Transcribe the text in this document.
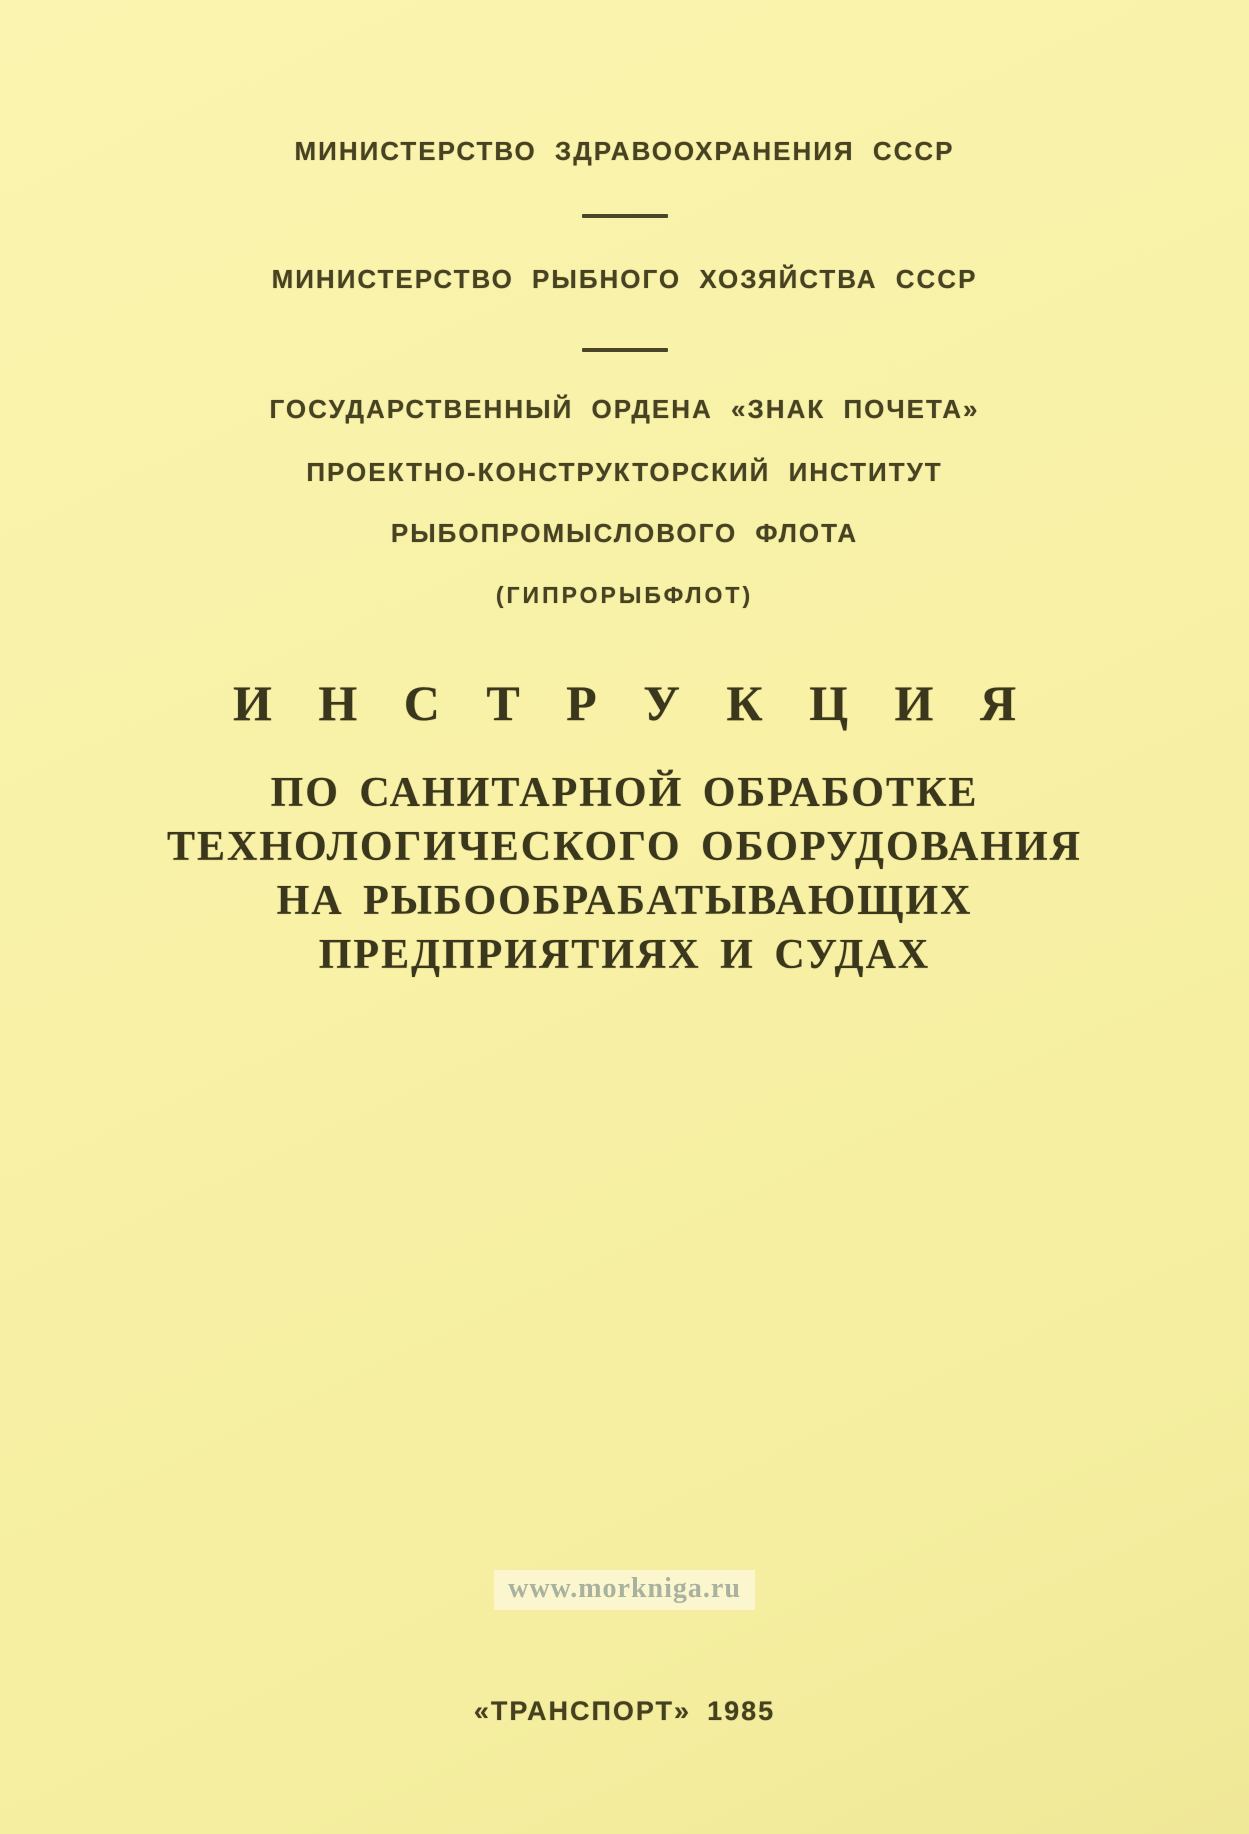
МИНИСТЕРСТВО ЗДРАВООХРАНЕНИЯ СССР
МИНИСТЕРСТВО РЫБНОГО ХОЗЯЙСТВА СССР
ГОСУДАРСТВЕННЫЙ ОРДЕНА «ЗНАК ПОЧЕТА»
ПРОЕКТНО-КОНСТРУКТОРСКИЙ ИНСТИТУТ
РЫБОПРОМЫСЛОВОГО ФЛОТА
(ГИПРОРЫБФЛОТ)
И Н С Т Р У К Ц И Я
ПО САНИТАРНОЙ ОБРАБОТКЕ
ТЕХНОЛОГИЧЕСКОГО ОБОРУДОВАНИЯ
НА РЫБООБРАБАТЫВАЮЩИХ
ПРЕДПРИЯТИЯХ И СУДАХ
www.morkniga.ru
«ТРАНСПОРТ» 1985
